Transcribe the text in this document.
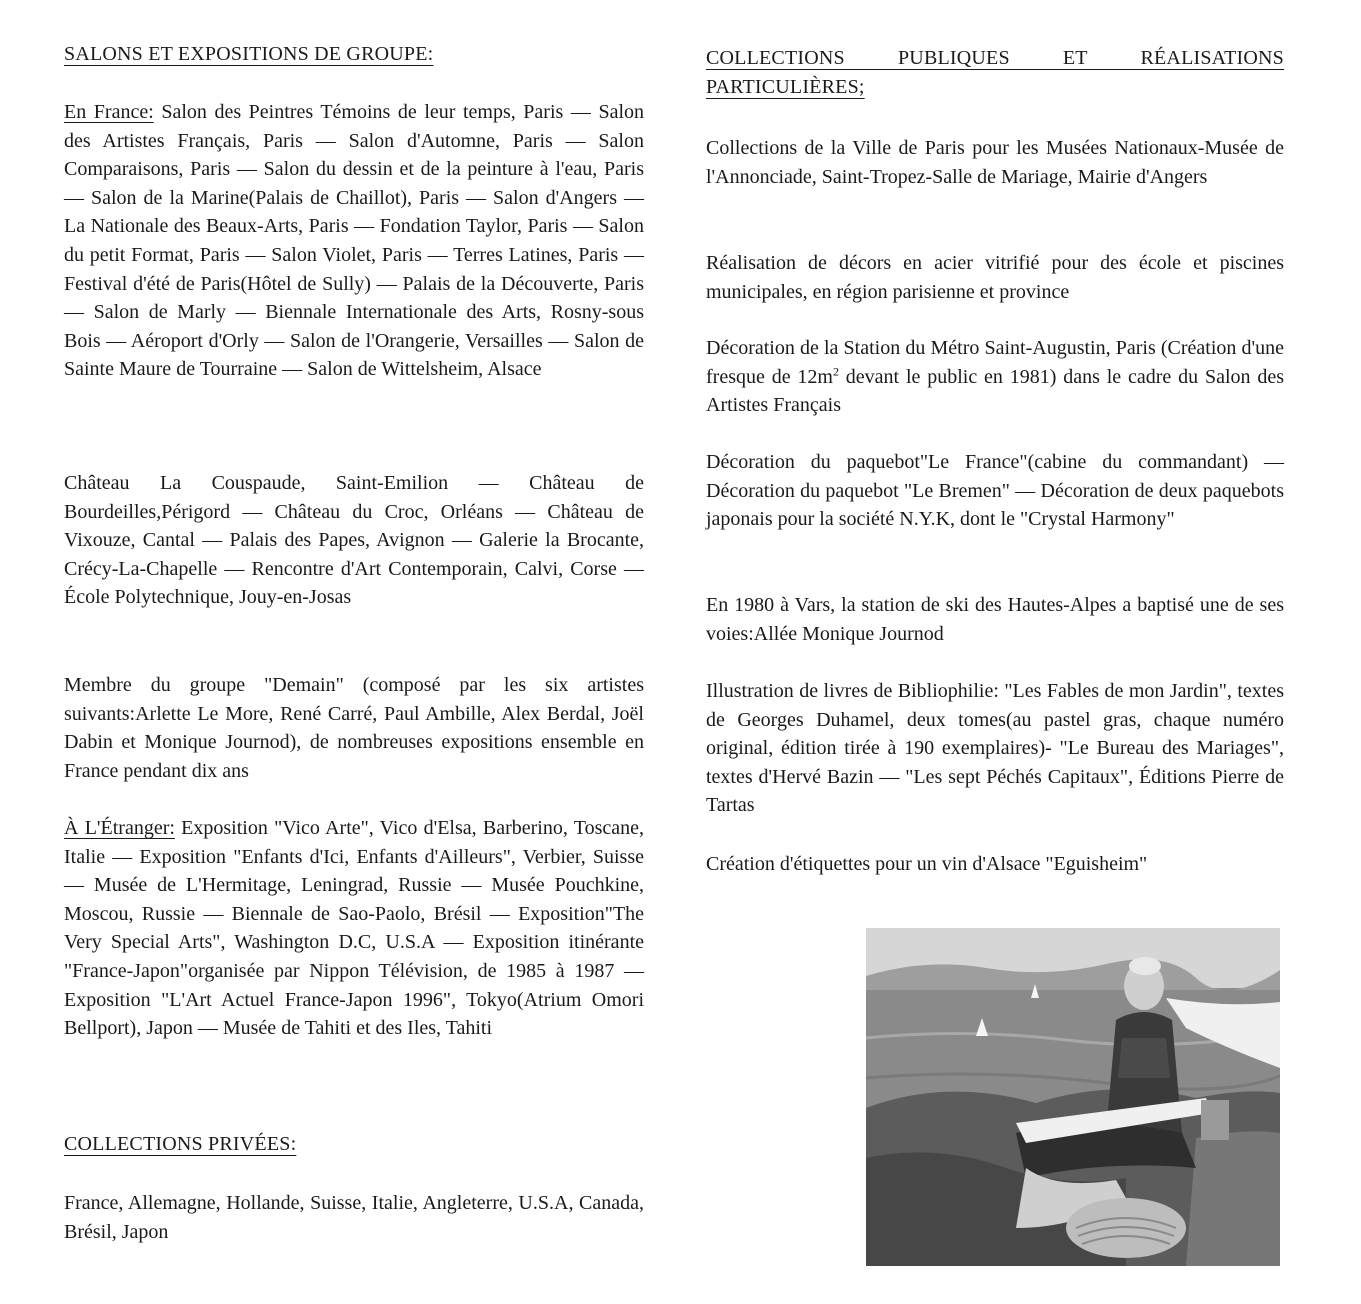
SALONS ET EXPOSITIONS DE GROUPE:

En France: Salon des Peintres Témoins de leur temps, Paris — Salon des Artistes Français, Paris — Salon d'Automne, Paris — Salon Comparaisons, Paris — Salon du dessin et de la peinture à l'eau, Paris — Salon de la Marine(Palais de Chaillot), Paris — Salon d'Angers — La Nationale des Beaux-Arts, Paris — Fondation Taylor, Paris — Salon du petit Format, Paris — Salon Violet, Paris — Terres Latines, Paris — Festival d'été de Paris(Hôtel de Sully) — Palais de la Découverte, Paris — Salon de Marly — Biennale Internationale des Arts, Rosny-sous Bois — Aéroport d'Orly — Salon de l'Orangerie, Versailles — Salon de Sainte Maure de Tourraine — Salon de Wittelsheim, Alsace

Château La Couspaude, Saint-Emilion — Château de Bourdeilles,Périgord — Château du Croc, Orléans — Château de Vixouze, Cantal — Palais des Papes, Avignon — Galerie la Brocante, Crécy-La-Chapelle — Rencontre d'Art Contemporain, Calvi, Corse — École Polytechnique, Jouy-en-Josas

Membre du groupe "Demain" (composé par les six artistes suivants:Arlette Le More, René Carré, Paul Ambille, Alex Berdal, Joël Dabin et Monique Journod), de nombreuses expositions ensemble en France pendant dix ans

À L'Étranger: Exposition "Vico Arte", Vico d'Elsa, Barberino, Toscane, Italie — Exposition "Enfants d'Ici, Enfants d'Ailleurs", Verbier, Suisse — Musée de L'Hermitage, Leningrad, Russie — Musée Pouchkine, Moscou, Russie — Biennale de Sao-Paolo, Brésil — Exposition"The Very Special Arts", Washington D.C, U.S.A — Exposition itinérante "France-Japon"organisée par Nippon Télévision, de 1985 à 1987 — Exposition "L'Art Actuel France-Japon 1996", Tokyo(Atrium Omori Bellport), Japon — Musée de Tahiti et des Iles, Tahiti

COLLECTIONS PRIVÉES:

France, Allemagne, Hollande, Suisse, Italie, Angleterre, U.S.A, Canada, Brésil, Japon

COLLECTIONS PUBLIQUES ET RÉALISATIONS PARTICULIÈRES;

Collections de la Ville de Paris pour les Musées Nationaux-Musée de l'Annonciade, Saint-Tropez-Salle de Mariage, Mairie d'Angers

Réalisation de décors en acier vitrifié pour des école et piscines municipales, en région parisienne et province

Décoration de la Station du Métro Saint-Augustin, Paris (Création d'une fresque de $12m^2$ devant le public en 1981) dans le cadre du Salon des Artistes Français

Décoration du paquebot"Le France"(cabine du commandant) — Décoration du paquebot "Le Bremen" — Décoration de deux paquebots japonais pour la société N.Y.K, dont le "Crystal Harmony"

En 1980 à Vars, la station de ski des Hautes-Alpes a baptisé une de ses voies:Allée Monique Journod

Illustration de livres de Bibliophilie: "Les Fables de mon Jardin", textes de Georges Duhamel, deux tomes(au pastel gras, chaque numéro original, édition tirée à 190 exemplaires)- "Le Bureau des Mariages", textes d'Hervé Bazin — "Les sept Péchés Capitaux", Éditions Pierre de Tartas

Création d'étiquettes pour un vin d'Alsace "Eguisheim"
